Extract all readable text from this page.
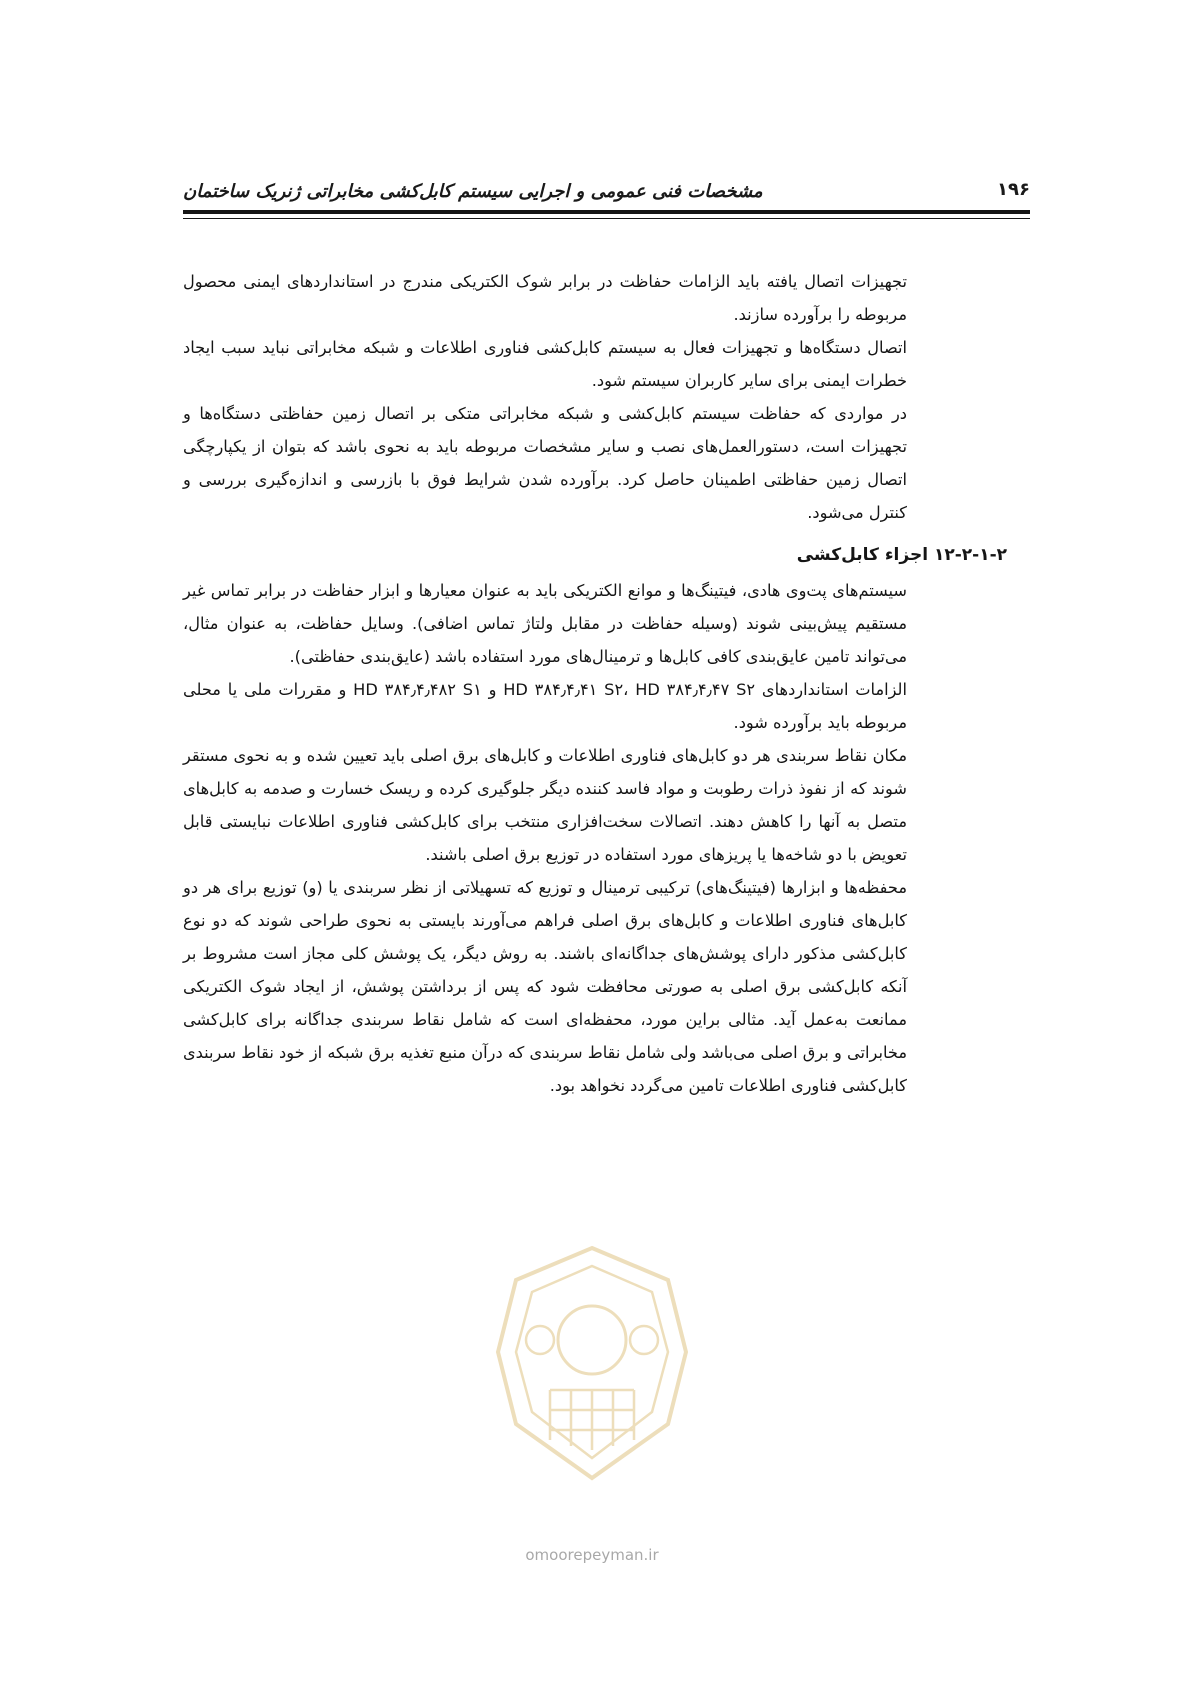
مشخصات فنی عمومی و اجرایی سیستم کابل‌کشی مخابراتی ژنریک ساختمان	۱۹۶

تجهیزات اتصال یافته باید الزامات حفاظت در برابر شوک الکتریکی مندرج در استانداردهای ایمنی محصول مربوطه را برآورده سازند.

اتصال دستگاه‌ها و تجهیزات فعال به سیستم کابل‌کشی فناوری اطلاعات و شبکه مخابراتی نباید سبب ایجاد خطرات ایمنی برای سایر کاربران سیستم شود.

در مواردی که حفاظت سیستم کابل‌کشی و شبکه مخابراتی متکی بر اتصال زمین حفاظتی دستگاه‌ها و تجهیزات است، دستورالعمل‌های نصب و سایر مشخصات مربوطه باید به نحوی باشد که بتوان از یکپارچگی اتصال زمین حفاظتی اطمینان حاصل کرد. برآورده شدن شرایط فوق با بازرسی و اندازه‌گیری بررسی و کنترل می‌شود.

۱۲-۲-۱-۲ اجزاء کابل‌کشی

سیستم‌های پت‌وی هادی، فیتینگ‌ها و موانع الکتریکی باید به عنوان معیارها و ابزار حفاظت در برابر تماس غیر مستقیم پیش‌بینی شوند (وسیله حفاظت در مقابل ولتاژ تماس اضافی). وسایل حفاظت، به عنوان مثال، می‌تواند تامین عایق‌بندی کافی کابل‌ها و ترمینال‌های مورد استفاده باشد (عایق‌بندی حفاظتی).

الزامات استانداردهای HD ۳۸۴٫۴٫۴۱ S۲، HD ۳۸۴٫۴٫۴۷ S۲ و HD ۳۸۴٫۴٫۴۸۲ S۱ و مقررات ملی یا محلی مربوطه باید برآورده شود.

مکان نقاط سربندی هر دو کابل‌های فناوری اطلاعات و کابل‌های برق اصلی باید تعیین شده و به نحوی مستقر شوند که از نفوذ ذرات رطوبت و مواد فاسد کننده دیگر جلوگیری کرده و ریسک خسارت و صدمه به کابل‌های متصل به آنها را کاهش دهند. اتصالات سخت‌افزاری منتخب برای کابل‌کشی فناوری اطلاعات نبایستی قابل تعویض با دو شاخه‌ها یا پریزهای مورد استفاده در توزیع برق اصلی باشند.

محفظه‌ها و ابزارها (فیتینگ‌های) ترکیبی ترمینال و توزیع که تسهیلاتی از نظر سربندی یا (و) توزیع برای هر دو کابل‌های فناوری اطلاعات و کابل‌های برق اصلی فراهم می‌آورند بایستی به نحوی طراحی شوند که دو نوع کابل‌کشی مذکور دارای پوشش‌های جداگانه‌ای باشند. به روش دیگر، یک پوشش کلی مجاز است مشروط بر آنکه کابل‌کشی برق اصلی به صورتی محافظت شود که پس از برداشتن پوشش، از ایجاد شوک الکتریکی ممانعت به‌عمل آید. مثالی براین مورد، محفظه‌ای است که شامل نقاط سربندی جداگانه برای کابل‌کشی مخابراتی و برق اصلی می‌باشد ولی شامل نقاط سربندی که درآن منبع تغذیه برق شبکه از خود نقاط سربندی کابل‌کشی فناوری اطلاعات تامین می‌گردد نخواهد بود.

omoorepeyman.ir
